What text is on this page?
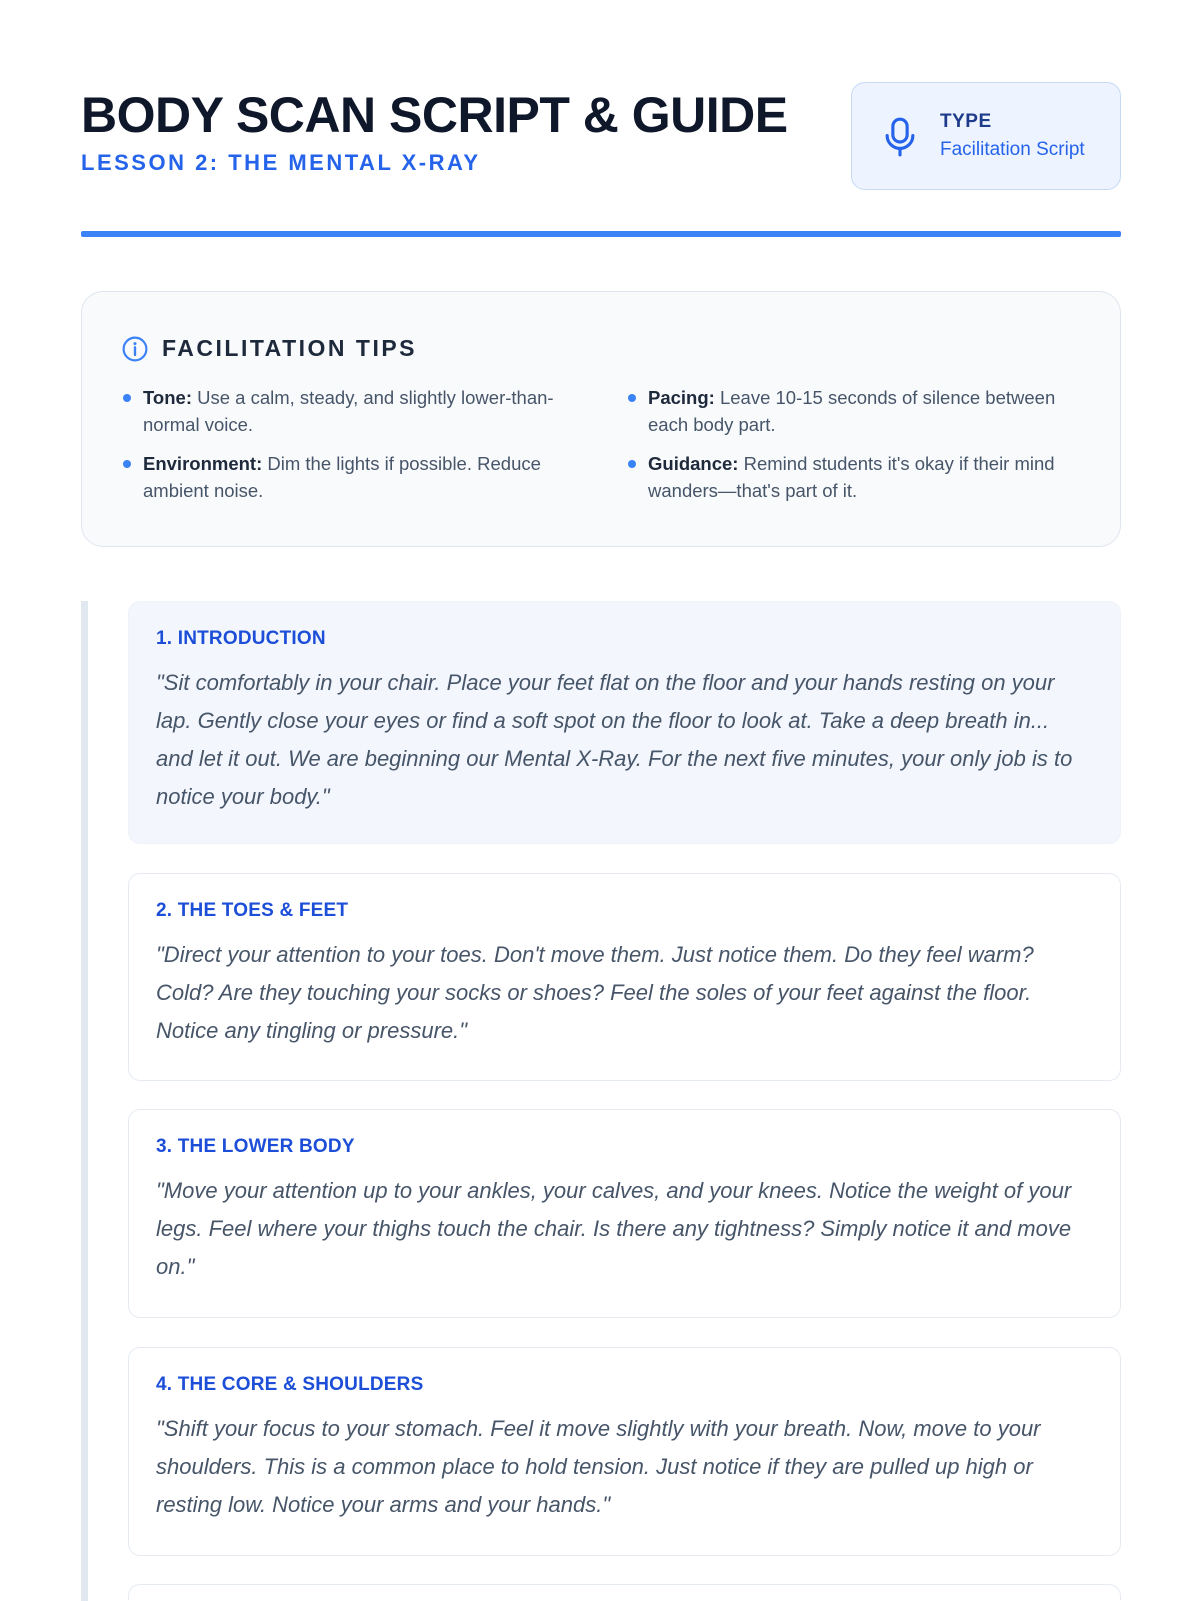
BODY SCAN SCRIPT & GUIDE
LESSON 2: THE MENTAL X-RAY
TYPE
Facilitation Script
FACILITATION TIPS
Tone: Use a calm, steady, and slightly lower-than-normal voice.
Pacing: Leave 10-15 seconds of silence between each body part.
Environment: Dim the lights if possible. Reduce ambient noise.
Guidance: Remind students it's okay if their mind wanders—that's part of it.
1. INTRODUCTION
"Sit comfortably in your chair. Place your feet flat on the floor and your hands resting on your lap. Gently close your eyes or find a soft spot on the floor to look at. Take a deep breath in... and let it out. We are beginning our Mental X-Ray. For the next five minutes, your only job is to notice your body."
2. THE TOES & FEET
"Direct your attention to your toes. Don't move them. Just notice them. Do they feel warm? Cold? Are they touching your socks or shoes? Feel the soles of your feet against the floor. Notice any tingling or pressure."
3. THE LOWER BODY
"Move your attention up to your ankles, your calves, and your knees. Notice the weight of your legs. Feel where your thighs touch the chair. Is there any tightness? Simply notice it and move on."
4. THE CORE & SHOULDERS
"Shift your focus to your stomach. Feel it move slightly with your breath. Now, move to your shoulders. This is a common place to hold tension. Just notice if they are pulled up high or resting low. Notice your arms and your hands."
